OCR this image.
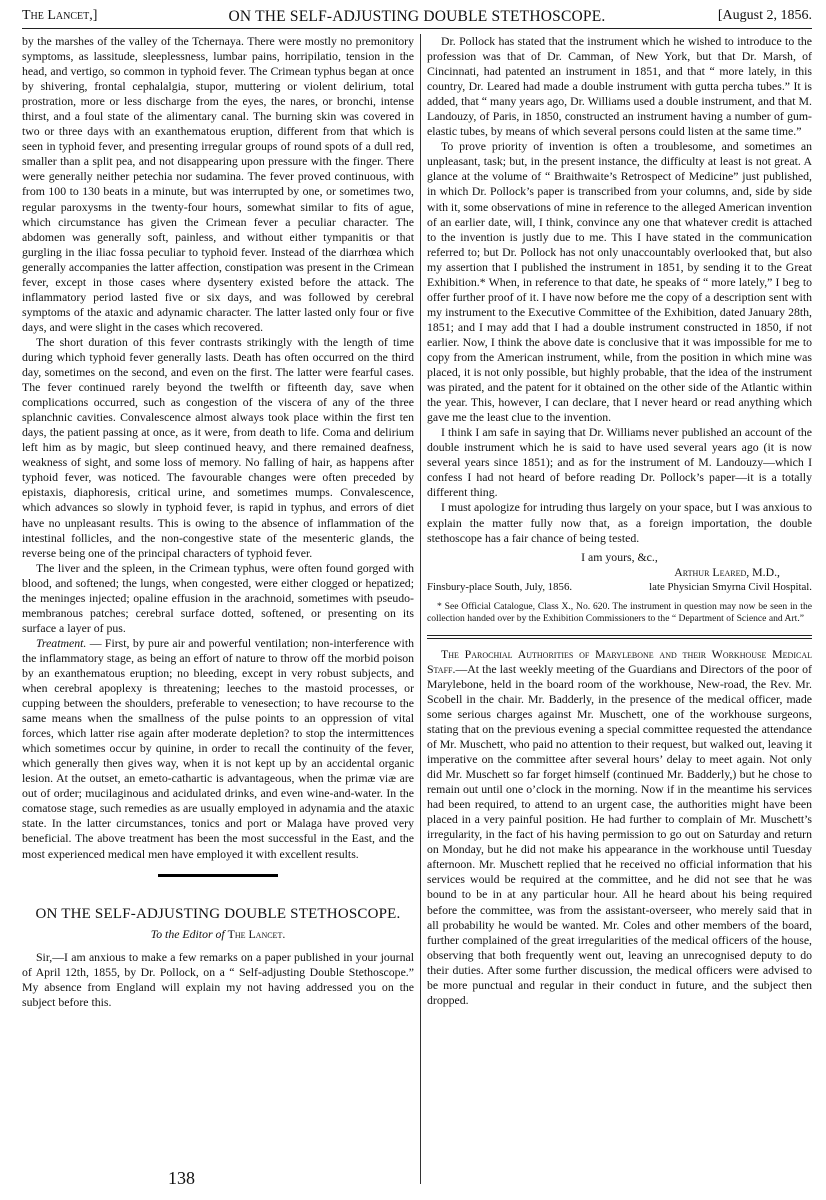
The Lancet,]	ON THE SELF-ADJUSTING DOUBLE STETHOSCOPE.	[August 2, 1856.

by the marshes of the valley of the Tchernaya. There were mostly no premonitory symptoms, as lassitude, sleeplessness, lumbar pains, horripilatio, tension in the head, and vertigo, so common in typhoid fever. The Crimean typhus began at once by shivering, frontal cephalalgia, stupor, muttering or violent delirium, total prostration, more or less discharge from the eyes, the nares, or bronchi, intense thirst, and a foul state of the alimentary canal. The burning skin was covered in two or three days with an exanthematous eruption, different from that which is seen in typhoid fever, and presenting irregular groups of round spots of a dull red, smaller than a split pea, and not disappearing upon pressure with the finger. There were generally neither petechia nor sudamina. The fever proved continuous, with from 100 to 130 beats in a minute, but was interrupted by one, or sometimes two, regular paroxysms in the twenty-four hours, somewhat similar to fits of ague, which circumstance has given the Crimean fever a peculiar character. The abdomen was generally soft, painless, and without either tympanitis or that gurgling in the iliac fossa peculiar to typhoid fever. Instead of the diarrhœa which generally accompanies the latter affection, constipation was present in the Crimean fever, except in those cases where dysentery existed before the attack. The inflammatory period lasted five or six days, and was followed by cerebral symptoms of the ataxic and adynamic character. The latter lasted only four or five days, and were slight in the cases which recovered.

The short duration of this fever contrasts strikingly with the length of time during which typhoid fever generally lasts. Death has often occurred on the third day, sometimes on the second, and even on the first. The latter were fearful cases. The fever continued rarely beyond the twelfth or fifteenth day, save when complications occurred, such as congestion of the viscera of any of the three splanchnic cavities. Convalescence almost always took place within the first ten days, the patient passing at once, as it were, from death to life. Coma and delirium left him as by magic, but sleep continued heavy, and there remained deafness, weakness of sight, and some loss of memory. No falling of hair, as happens after typhoid fever, was noticed. The favourable changes were often preceded by epistaxis, diaphoresis, critical urine, and sometimes mumps. Convalescence, which advances so slowly in typhoid fever, is rapid in typhus, and errors of diet have no unpleasant results. This is owing to the absence of inflammation of the intestinal follicles, and the non-congestive state of the mesenteric glands, the reverse being one of the principal characters of typhoid fever.

The liver and the spleen, in the Crimean typhus, were often found gorged with blood, and softened; the lungs, when congested, were either clogged or hepatized; the meninges injected; opaline effusion in the arachnoid, sometimes with pseudo-membranous patches; cerebral surface dotted, softened, or presenting on its surface a layer of pus.

Treatment. — First, by pure air and powerful ventilation; non-interference with the inflammatory stage, as being an effort of nature to throw off the morbid poison by an exanthematous eruption; no bleeding, except in very robust subjects, and when cerebral apoplexy is threatening; leeches to the mastoid processes, or cupping between the shoulders, preferable to venesection; to have recourse to the same means when the smallness of the pulse points to an oppression of vital forces, which latter rise again after moderate depletion? to stop the intermittences which sometimes occur by quinine, in order to recall the continuity of the fever, which generally then gives way, when it is not kept up by an accidental organic lesion. At the outset, an emeto-cathartic is advantageous, when the primæ viæ are out of order; mucilaginous and acidulated drinks, and even wine-and-water. In the comatose stage, such remedies as are usually employed in adynamia and the ataxic state. In the latter circumstances, tonics and port or Malaga have proved very beneficial. The above treatment has been the most successful in the East, and the most experienced medical men have employed it with excellent results.

ON THE SELF-ADJUSTING DOUBLE STETHOSCOPE.
To the Editor of The Lancet.

Sir,—I am anxious to make a few remarks on a paper published in your journal of April 12th, 1855, by Dr. Pollock, on a “ Self-adjusting Double Stethoscope.” My absence from England will explain my not having addressed you on the subject before this.

Dr. Pollock has stated that the instrument which he wished to introduce to the profession was that of Dr. Camman, of New York, but that Dr. Marsh, of Cincinnati, had patented an instrument in 1851, and that “ more lately, in this country, Dr. Leared had made a double instrument with gutta percha tubes.” It is added, that “ many years ago, Dr. Williams used a double instrument, and that M. Landouzy, of Paris, in 1850, constructed an instrument having a number of gum-elastic tubes, by means of which several persons could listen at the same time.”

To prove priority of invention is often a troublesome, and sometimes an unpleasant, task; but, in the present instance, the difficulty at least is not great. A glance at the volume of “ Braithwaite’s Retrospect of Medicine” just published, in which Dr. Pollock’s paper is transcribed from your columns, and, side by side with it, some observations of mine in reference to the alleged American invention of an earlier date, will, I think, convince any one that whatever credit is attached to the invention is justly due to me. This I have stated in the communication referred to; but Dr. Pollock has not only unaccountably overlooked that, but also my assertion that I published the instrument in 1851, by sending it to the Great Exhibition.* When, in reference to that date, he speaks of “ more lately,” I beg to offer further proof of it. I have now before me the copy of a description sent with my instrument to the Executive Committee of the Exhibition, dated January 28th, 1851; and I may add that I had a double instrument constructed in 1850, if not earlier. Now, I think the above date is conclusive that it was impossible for me to copy from the American instrument, while, from the position in which mine was placed, it is not only possible, but highly probable, that the idea of the instrument was pirated, and the patent for it obtained on the other side of the Atlantic within the year. This, however, I can declare, that I never heard or read anything which gave me the least clue to the invention.

I think I am safe in saying that Dr. Williams never published an account of the double instrument which he is said to have used several years ago (it is now several years since 1851); and as for the instrument of M. Landouzy—which I confess I had not heard of before reading Dr. Pollock’s paper—it is a totally different thing.

I must apologize for intruding thus largely on your space, but I was anxious to explain the matter fully now that, as a foreign importation, the double stethoscope has a fair chance of being tested.

I am yours, &c.,
Arthur Leared, M.D.,
Finsbury-place South, July, 1856.	late Physician Smyrna Civil Hospital.

* See Official Catalogue, Class X., No. 620. The instrument in question may now be seen in the collection handed over by the Exhibition Commissioners to the “ Department of Science and Art.”

The Parochial Authorities of Marylebone and their Workhouse Medical Staff.—At the last weekly meeting of the Guardians and Directors of the poor of Marylebone, held in the board room of the workhouse, New-road, the Rev. Mr. Scobell in the chair. Mr. Badderly, in the presence of the medical officer, made some serious charges against Mr. Muschett, one of the workhouse surgeons, stating that on the previous evening a special committee requested the attendance of Mr. Muschett, who paid no attention to their request, but walked out, leaving it imperative on the committee after several hours’ delay to meet again. Not only did Mr. Muschett so far forget himself (continued Mr. Badderly,) but he chose to remain out until one o’clock in the morning. Now if in the meantime his services had been required, to attend to an urgent case, the authorities might have been placed in a very painful position. He had further to complain of Mr. Muschett’s irregularity, in the fact of his having permission to go out on Saturday and return on Monday, but he did not make his appearance in the workhouse until Tuesday afternoon. Mr. Muschett replied that he received no official information that his services would be required at the committee, and he did not see that he was bound to be in at any particular hour. All he heard about his being required before the committee, was from the assistant-overseer, who merely said that in all probability he would be wanted. Mr. Coles and other members of the board, further complained of the great irregularities of the medical officers of the house, observing that both frequently went out, leaving an unrecognised deputy to do their duties. After some further discussion, the medical officers were advised to be more punctual and regular in their conduct in future, and the subject then dropped.

138
